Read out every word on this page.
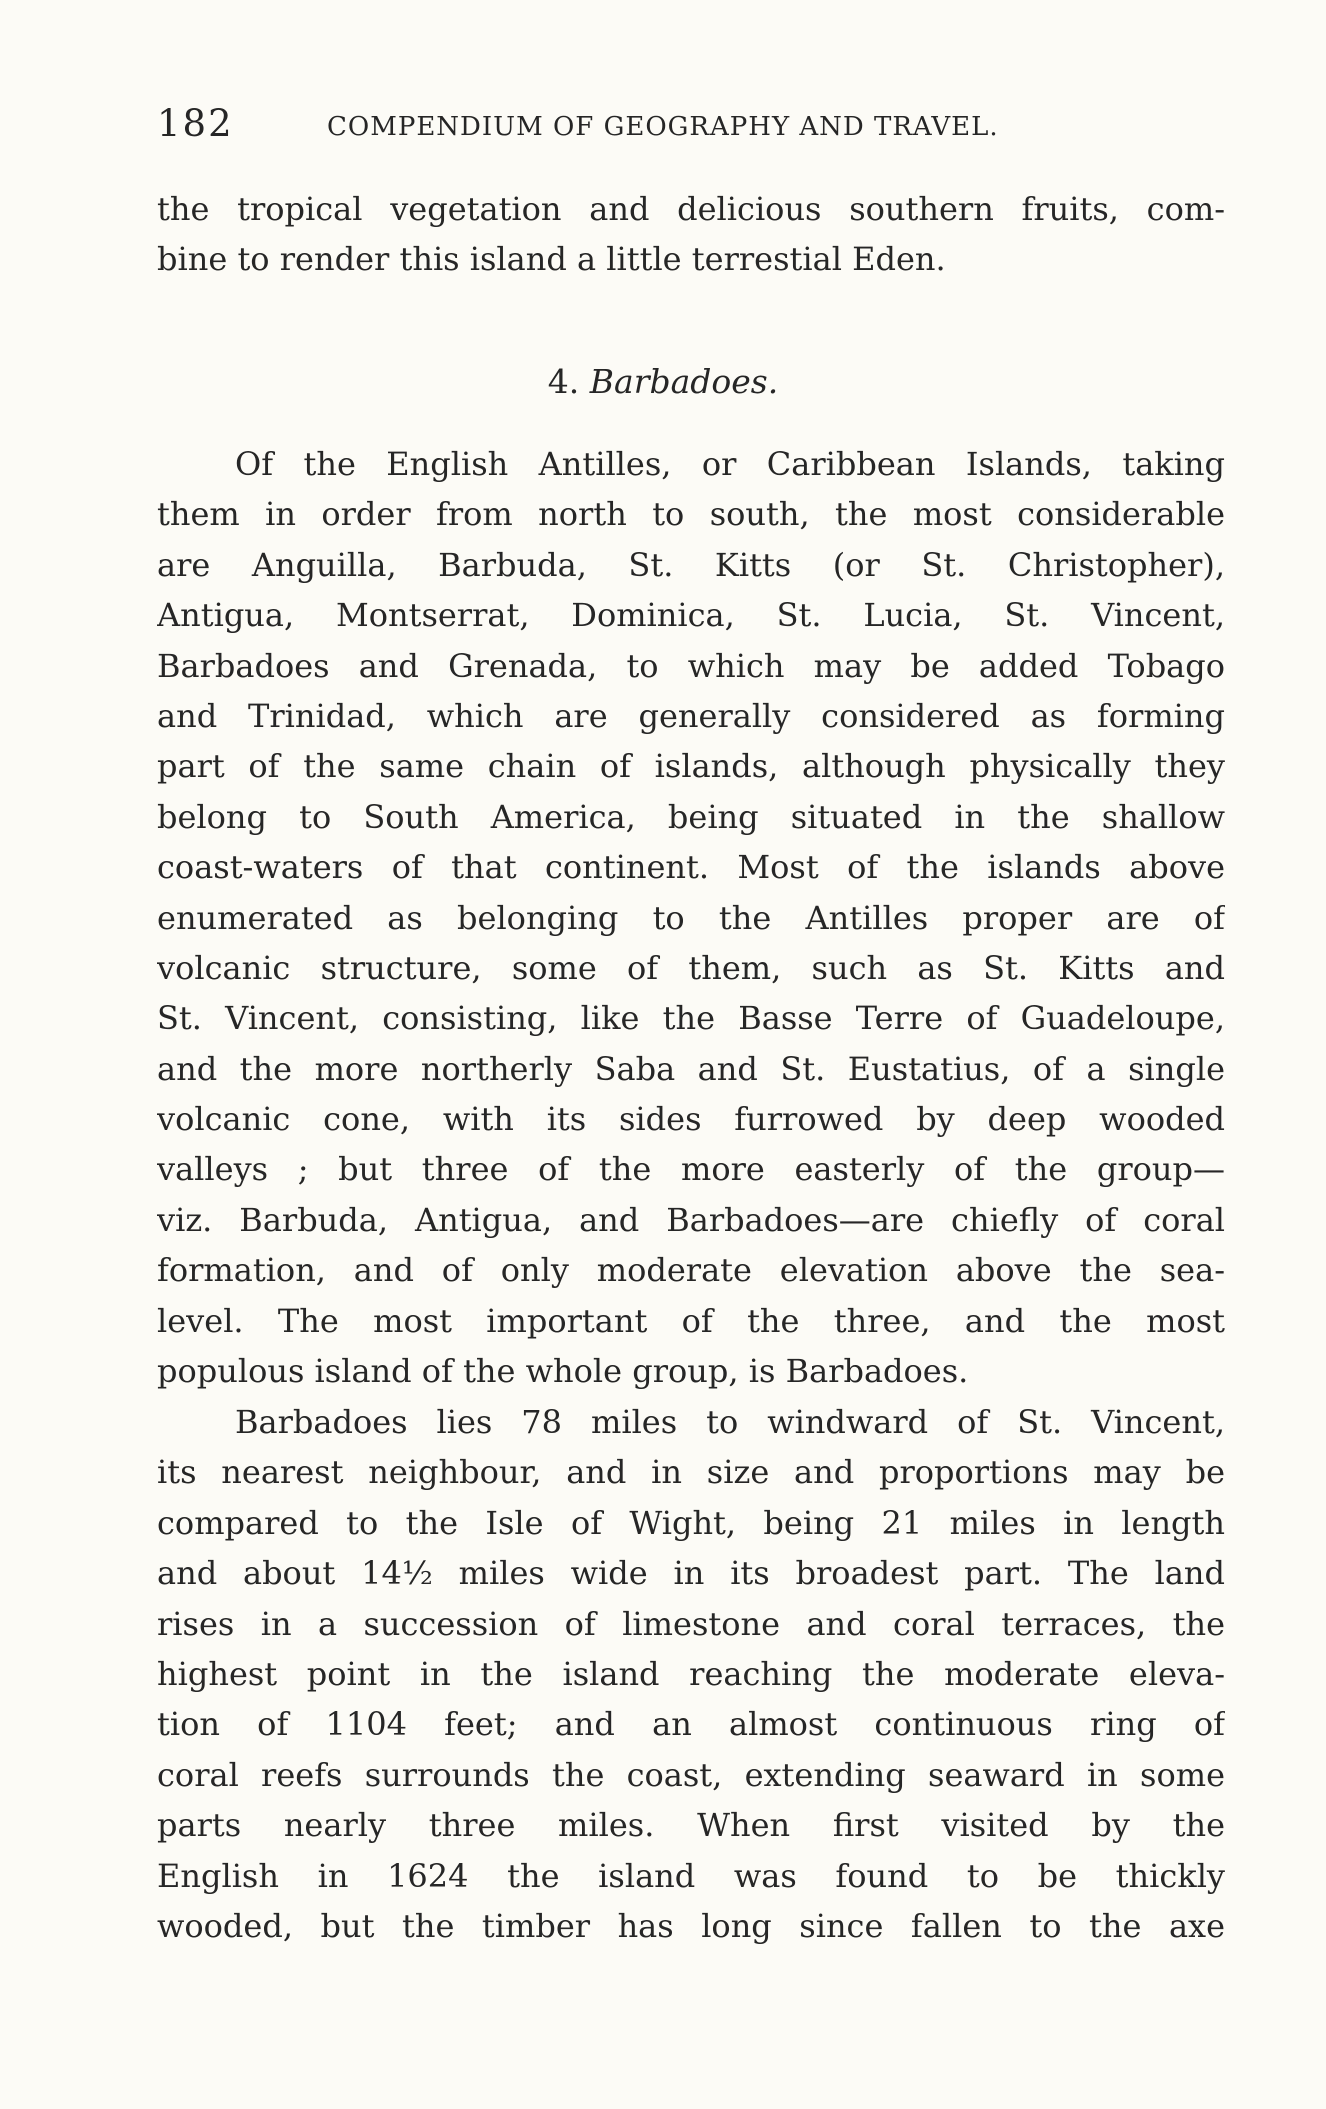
182	COMPENDIUM OF GEOGRAPHY AND TRAVEL.
the tropical vegetation and delicious southern fruits, com-
bine to render this island a little terrestial Eden.
4. Barbadoes.
Of the English Antilles, or Caribbean Islands, taking
them in order from north to south, the most considerable
are Anguilla, Barbuda, St. Kitts (or St. Christopher),
Antigua, Montserrat, Dominica, St. Lucia, St. Vincent,
Barbadoes and Grenada, to which may be added Tobago
and Trinidad, which are generally considered as forming
part of the same chain of islands, although physically they
belong to South America, being situated in the shallow
coast-waters of that continent. Most of the islands above
enumerated as belonging to the Antilles proper are of
volcanic structure, some of them, such as St. Kitts and
St. Vincent, consisting, like the Basse Terre of Guadeloupe,
and the more northerly Saba and St. Eustatius, of a single
volcanic cone, with its sides furrowed by deep wooded
valleys ; but three of the more easterly of the group—
viz. Barbuda, Antigua, and Barbadoes—are chiefly of coral
formation, and of only moderate elevation above the sea-
level. The most important of the three, and the most
populous island of the whole group, is Barbadoes.
Barbadoes lies 78 miles to windward of St. Vincent,
its nearest neighbour, and in size and proportions may be
compared to the Isle of Wight, being 21 miles in length
and about 14½ miles wide in its broadest part. The land
rises in a succession of limestone and coral terraces, the
highest point in the island reaching the moderate eleva-
tion of 1104 feet; and an almost continuous ring of
coral reefs surrounds the coast, extending seaward in some
parts nearly three miles. When first visited by the
English in 1624 the island was found to be thickly
wooded, but the timber has long since fallen to the axe
